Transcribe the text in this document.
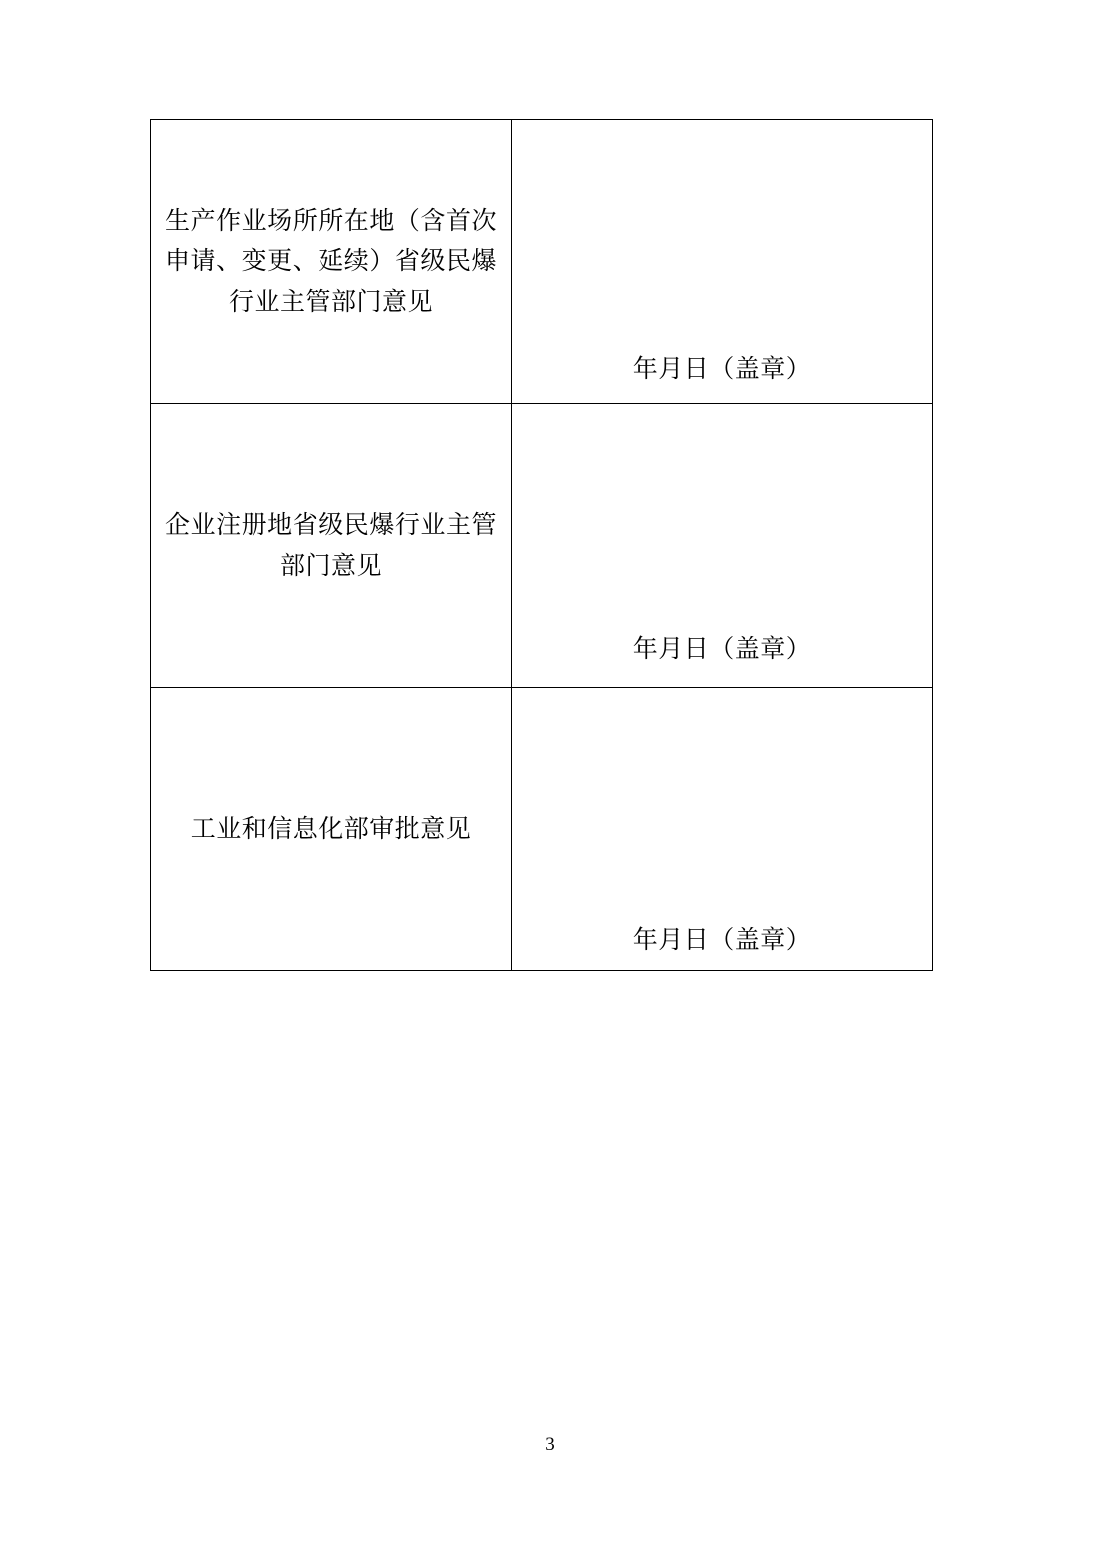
生产作业场所所在地（含首次申请、变更、延续）省级民爆行业主管部门意见	年月日（盖章）

企业注册地省级民爆行业主管部门意见	年月日（盖章）

工业和信息化部审批意见	年月日（盖章）
3
